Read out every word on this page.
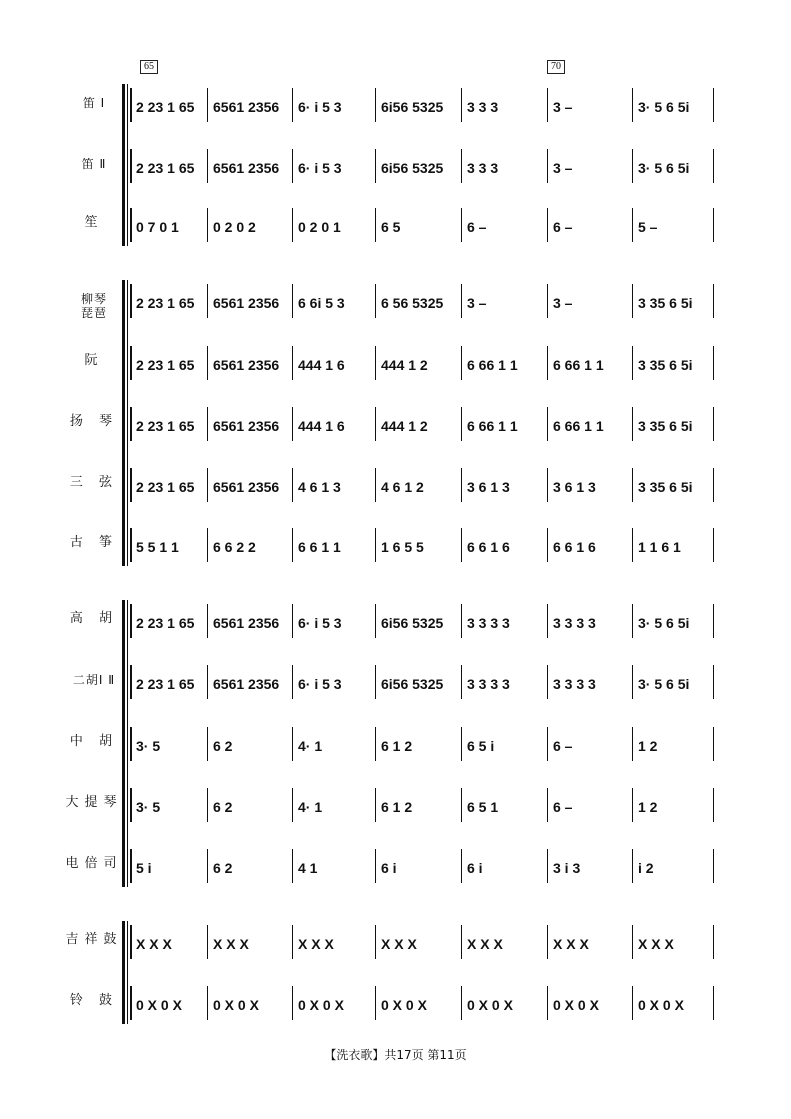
65	70
笛 Ⅰ	2 23 1 65	6561 2356	6· i 5 3	6i56 5325	3 3 3	3 –	3· 5 6 5i
笛 Ⅱ	2 23 1 65	6561 2356	6· i 5 3	6i56 5325	3 3 3	3 –	3· 5 6 5i
笙	0 7 0 1	0 2 0 2	0 2 0 1	6 5	6 –	6 –	5 –
柳琴
琵琶
2 23 1 65	6561 2356	6 6i 5 3	6 56 5325	3 –	3 –	3 35 6 5i
阮	2 23 1 65	6561 2356	444 1 6	444 1 2	6 66 1 1	6 66 1 1	3 35 6 5i
扬 琴	2 23 1 65	6561 2356	444 1 6	444 1 2	6 66 1 1	6 66 1 1	3 35 6 5i
三 弦	2 23 1 65	6561 2356	4 6 1 3	4 6 1 2	3 6 1 3	3 6 1 3	3 35 6 5i
古 筝	5 5 1 1	6 6 2 2	6 6 1 1	1 6 5 5	6 6 1 6	6 6 1 6	1 1 6 1
高 胡	2 23 1 65	6561 2356	6· i 5 3	6i56 5325	3 3 3 3	3 3 3 3	3· 5 6 5i
二胡Ⅰ Ⅱ	2 23 1 65	6561 2356	6· i 5 3	6i56 5325	3 3 3 3	3 3 3 3	3· 5 6 5i
中 胡	3· 5	6 2	4· 1	6 1 2	6 5 i	6 –	1 2
大提琴 3· 5	6 2	4· 1	6 1 2	6 5 1	6 –	1 2
电倍司 5 i	6 2	4 1	6 i	6 i	3 i 3	i 2
吉祥鼓 X X X	X X X	X X X	X X X	X X X	X X X	X X X
铃 鼓	0 X 0 X	0 X 0 X	0 X 0 X	0 X 0 X	0 X 0 X	0 X 0 X	0 X 0 X
【洗衣歌】共17页 第11页
